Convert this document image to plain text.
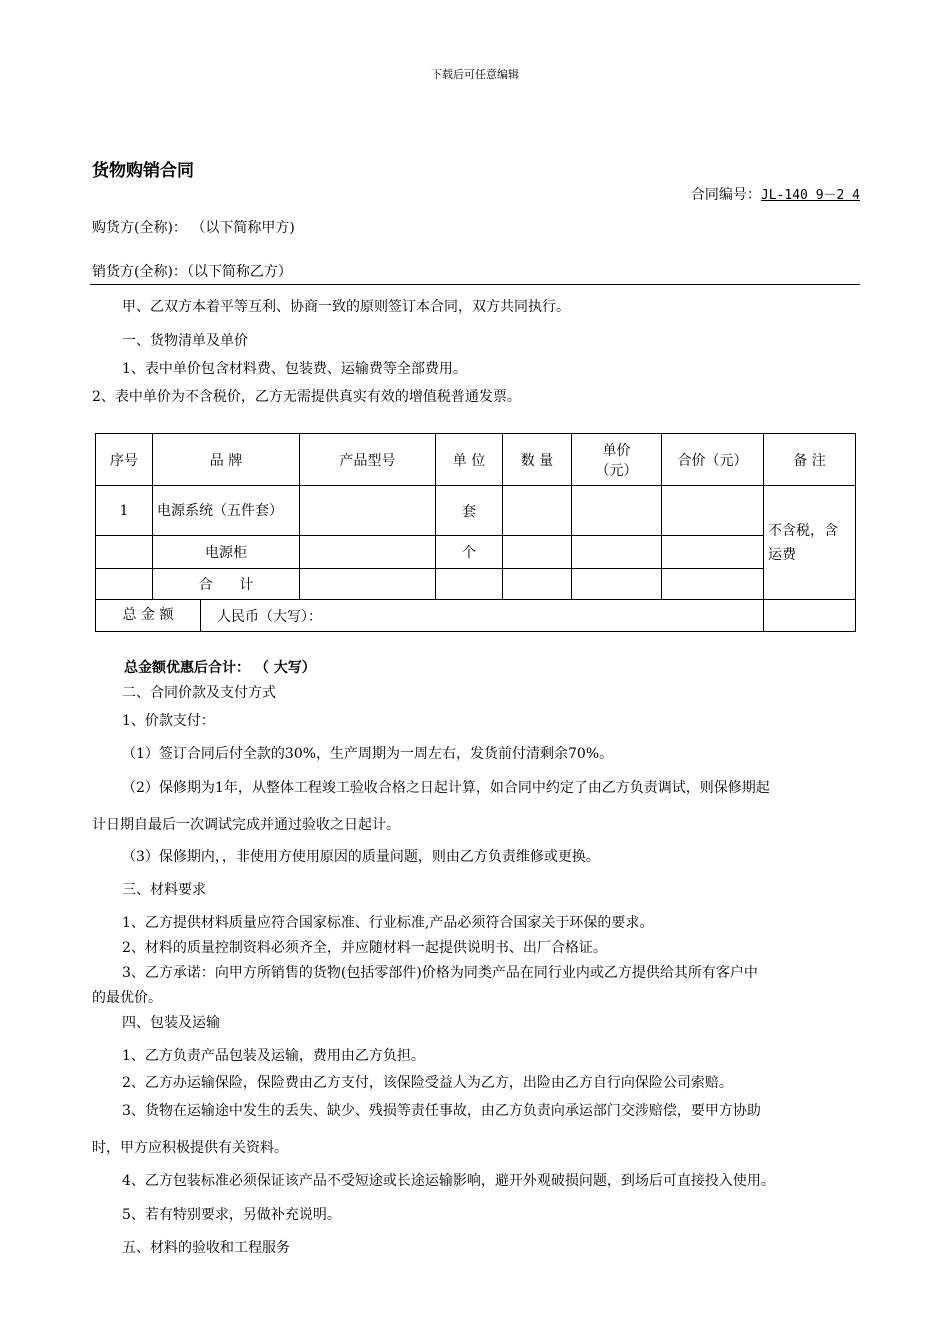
下载后可任意编辑
货物购销合同
合同编号：JL-140 9－2 4
购货方(全称)： （以下简称甲方)
销货方(全称)：（以下简称乙方）
甲、乙双方本着平等互利、协商一致的原则签订本合同，双方共同执行。
一、货物清单及单价
1、表中单价包含材料费、包装费、运输费等全部费用。
2、表中单价为不含税价，乙方无需提供真实有效的增值税普通发票。
序号	品 牌	产品型号	单 位	数 量	单价
（元）	合价（元）	备 注
1	电源系统（五件套）		套				不含税，含运费
	电源柜		个				
	合      计						

总 金 额 人民币（大写）：							

总金额优惠后合计： （ 大写）
二、合同价款及支付方式
1、价款支付：
（1）签订合同后付全款的30%，生产周期为一周左右，发货前付清剩余70%。
（2）保修期为1年，从整体工程竣工验收合格之日起计算，如合同中约定了由乙方负责调试，则保修期起
计日期自最后一次调试完成并通过验收之日起计。
（3）保修期内，，非使用方使用原因的质量问题，则由乙方负责维修或更换。
三、材料要求
1、乙方提供材料质量应符合国家标准、行业标准,产品必须符合国家关于环保的要求。
2、材料的质量控制资料必须齐全，并应随材料一起提供说明书、出厂合格证。
3、乙方承诺：向甲方所销售的货物(包括零部件)价格为同类产品在同行业内或乙方提供给其所有客户中
的最优价。
四、包装及运输
1、乙方负责产品包装及运输，费用由乙方负担。
2、乙方办运输保险，保险费由乙方支付，该保险受益人为乙方，出险由乙方自行向保险公司索赔。
3、货物在运输途中发生的丢失、缺少、残损等责任事故，由乙方负责向承运部门交涉赔偿，要甲方协助
时，甲方应积极提供有关资料。
4、乙方包装标准必须保证该产品不受短途或长途运输影响，避开外观破损问题，到场后可直接投入使用。
5、若有特别要求，另做补充说明。
五、材料的验收和工程服务
